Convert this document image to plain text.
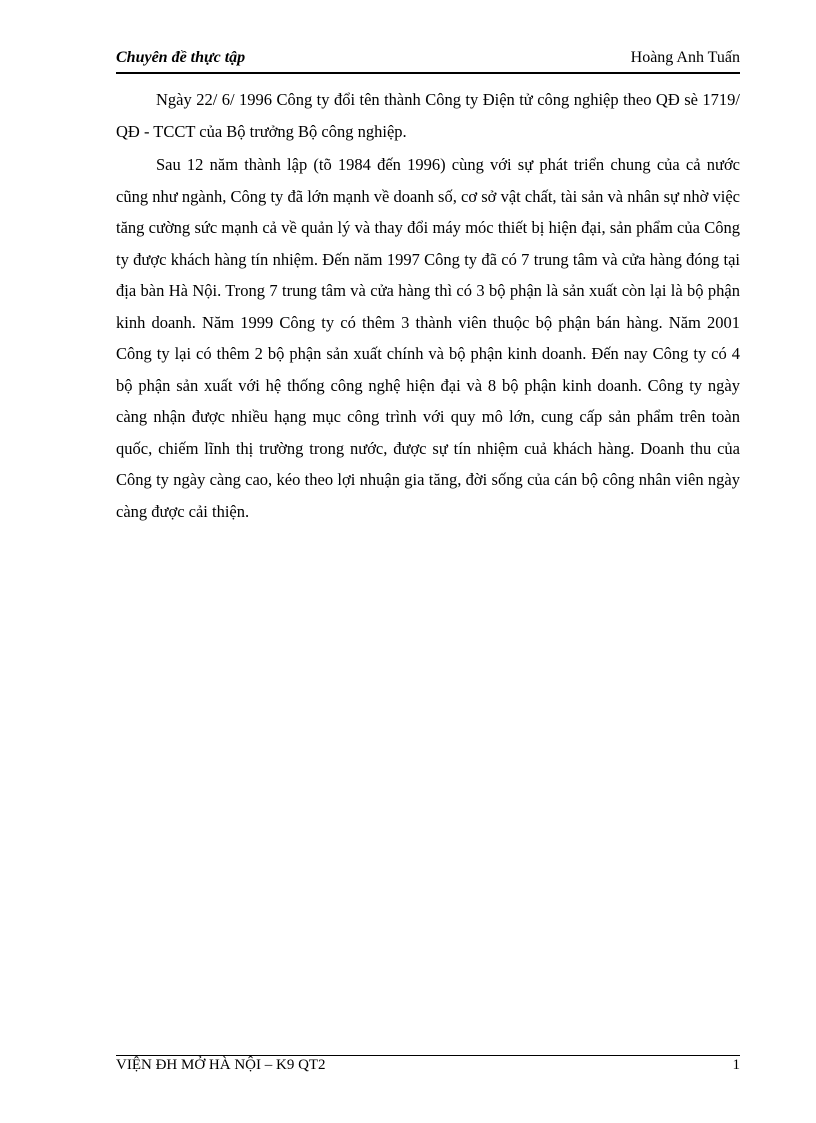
Chuyên đề thực tập	Hoàng Anh Tuấn

Ngày 22/ 6/ 1996 Công ty đổi tên thành Công ty Điện tử công nghiệp theo QĐ sè 1719/ QĐ - TCCT của Bộ trưởng Bộ công nghiệp.

Sau 12 năm thành lập (tõ 1984 đến 1996) cùng với sự phát triển chung của cả nước cũng như ngành, Công ty đã lớn mạnh về doanh số, cơ sở vật chất, tài sản và nhân sự nhờ việc tăng cường sức mạnh cả về quản lý và thay đổi máy móc thiết bị hiện đại, sản phẩm của Công ty được khách hàng tín nhiệm. Đến năm 1997 Công ty đã có 7 trung tâm và cửa hàng đóng tại địa bàn Hà Nội. Trong 7 trung tâm và cửa hàng thì có 3 bộ phận là sản xuất còn lại là bộ phận kinh doanh. Năm 1999 Công ty có thêm 3 thành viên thuộc bộ phận bán hàng. Năm 2001 Công ty lại có thêm 2 bộ phận sản xuất chính và bộ phận kinh doanh. Đến nay Công ty có 4 bộ phận sản xuất với hệ thống công nghệ hiện đại và 8 bộ phận kinh doanh. Công ty ngày càng nhận được nhiều hạng mục công trình với quy mô lớn, cung cấp sản phẩm trên toàn quốc, chiếm lĩnh thị trường trong nước, được sự tín nhiệm cuả khách hàng. Doanh thu của Công ty ngày càng cao, kéo theo lợi nhuận gia tăng, đời sống của cán bộ công nhân viên ngày càng được cải thiện.

VIỆN ĐH MỞ HÀ NỘI – K9 QT2	1
